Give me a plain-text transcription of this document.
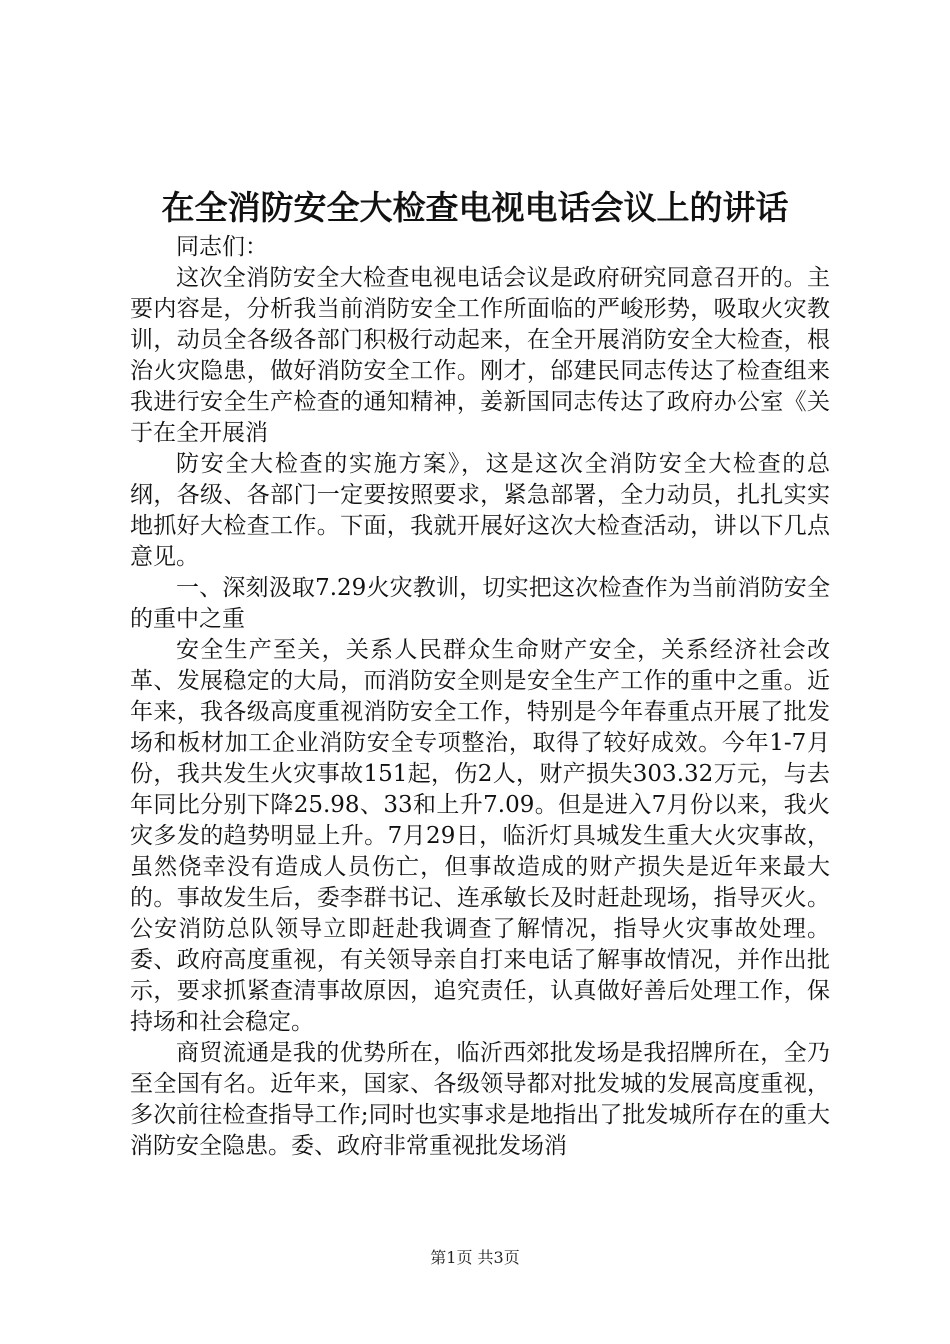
在全消防安全大检查电视电话会议上的讲话

同志们：

这次全消防安全大检查电视电话会议是政府研究同意召开的。主要内容是，分析我当前消防安全工作所面临的严峻形势，吸取火灾教训，动员全各级各部门积极行动起来，在全开展消防安全大检查，根治火灾隐患，做好消防安全工作。刚才，邰建民同志传达了检查组来我进行安全生产检查的通知精神，姜新国同志传达了政府办公室《关于在全开展消

防安全大检查的实施方案》，这是这次全消防安全大检查的总纲，各级、各部门一定要按照要求，紧急部署，全力动员，扎扎实实地抓好大检查工作。下面，我就开展好这次大检查活动，讲以下几点意见。

一、深刻汲取7.29火灾教训，切实把这次检查作为当前消防安全的重中之重

安全生产至关，关系人民群众生命财产安全，关系经济社会改革、发展稳定的大局，而消防安全则是安全生产工作的重中之重。近年来，我各级高度重视消防安全工作，特别是今年春重点开展了批发场和板材加工企业消防安全专项整治，取得了较好成效。今年1-7月份，我共发生火灾事故151起，伤2人，财产损失303.32万元，与去年同比分别下降25.98、33和上升7.09。但是进入7月份以来，我火灾多发的趋势明显上升。7月29日，临沂灯具城发生重大火灾事故，虽然侥幸没有造成人员伤亡，但事故造成的财产损失是近年来最大的。事故发生后，委李群书记、连承敏长及时赶赴现场，指导灭火。公安消防总队领导立即赶赴我调查了解情况，指导火灾事故处理。委、政府高度重视，有关领导亲自打来电话了解事故情况，并作出批示，要求抓紧查清事故原因，追究责任，认真做好善后处理工作，保持场和社会稳定。

商贸流通是我的优势所在，临沂西郊批发场是我招牌所在，全乃至全国有名。近年来，国家、各级领导都对批发城的发展高度重视，多次前往检查指导工作;同时也实事求是地指出了批发城所存在的重大消防安全隐患。委、政府非常重视批发场消

第1页 共3页
